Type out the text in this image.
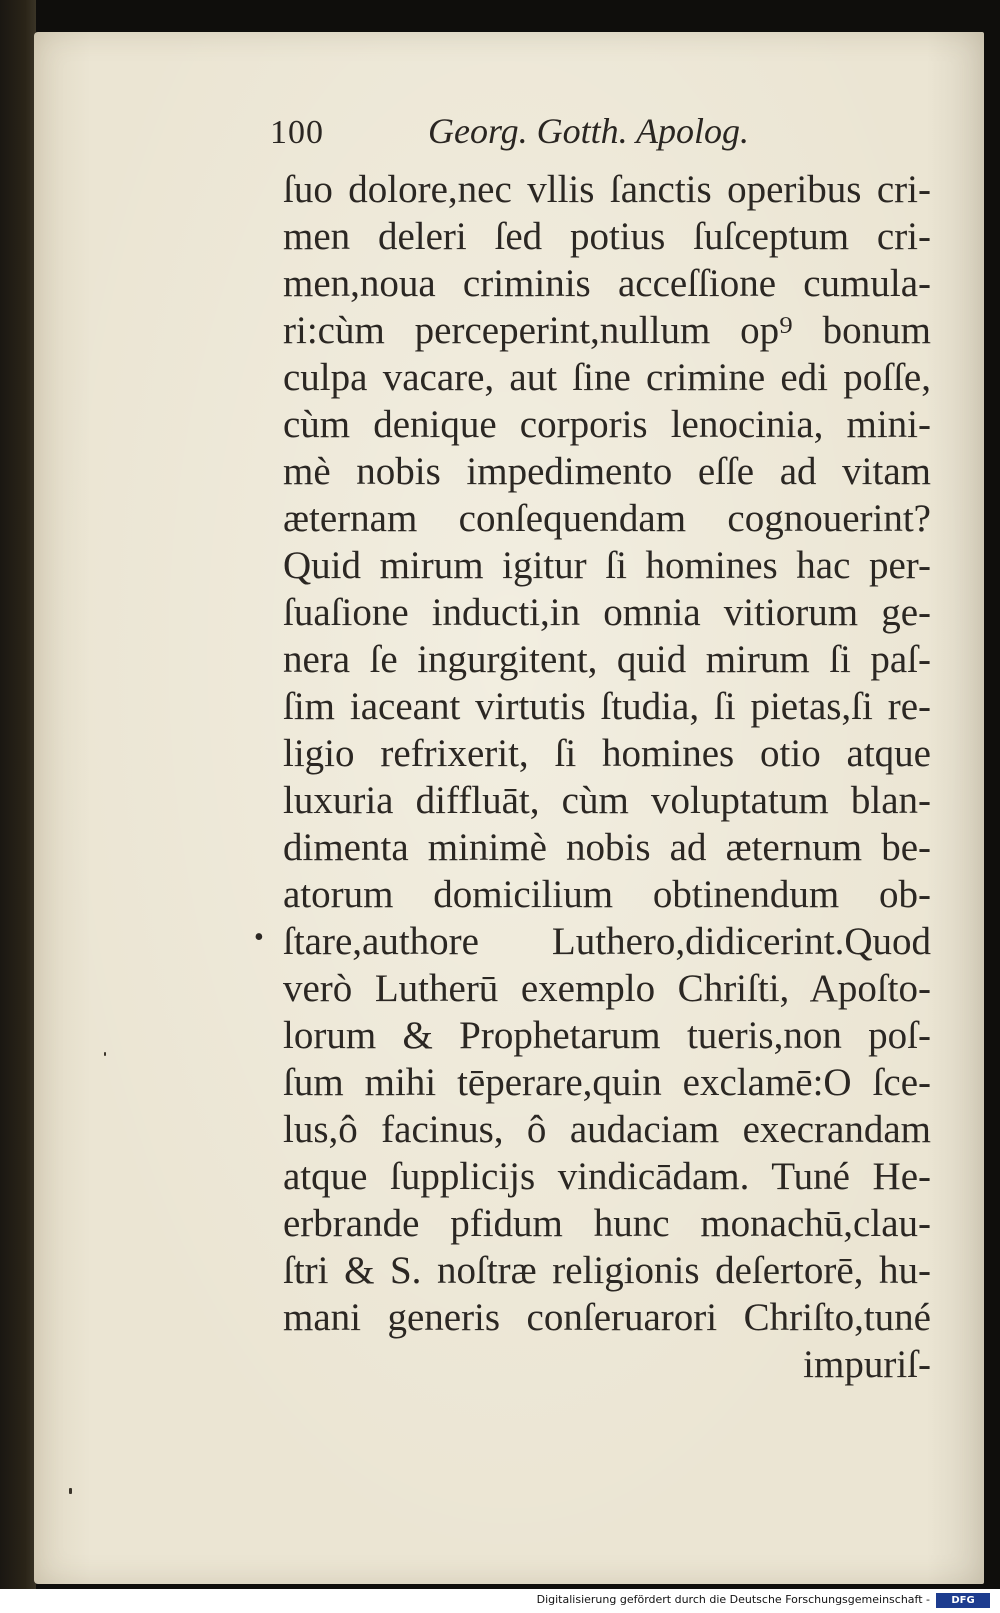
100	Georg. Gotth. Apolog.
•
ſuo dolore,nec vllis ſanctis operibus cri-
men deleri ſed potius ſuſceptum cri-
men,noua criminis acceſſione cumula-
ri:cùm perceperint,nullum op⁹ bonum
culpa vacare, aut ſine crimine edi poſſe,
cùm denique corporis lenocinia, mini-
mè nobis impedimento eſſe ad vitam
æternam conſequendam cognouerint?
Quid mirum igitur ſi homines hac per-
ſuaſione inducti,in omnia vitiorum ge-
nera ſe ingurgitent, quid mirum ſi paſ-
ſim iaceant virtutis ſtudia, ſi pietas,ſi re-
ligio refrixerit, ſi homines otio atque
luxuria diffluāt, cùm voluptatum blan-
dimenta minimè nobis ad æternum be-
atorum domicilium obtinendum ob-
ſtare,authore Luthero,didicerint.Quod
verò Lutherū exemplo Chriſti, Apoſto-
lorum & Prophetarum tueris,non poſ-
ſum mihi tēperare,quin exclamē:O ſce-
lus,ô facinus, ô audaciam execrandam
atque ſupplicijs vindicādam. Tuné He-
erbrande pfidum hunc monachū,clau-
ſtri & S. noſtræ religionis deſertorē, hu-
mani generis conſeruarori Chriſto,tuné
impuriſ-
Digitalisierung gefördert durch die Deutsche Forschungsgemeinschaft -	DFG
